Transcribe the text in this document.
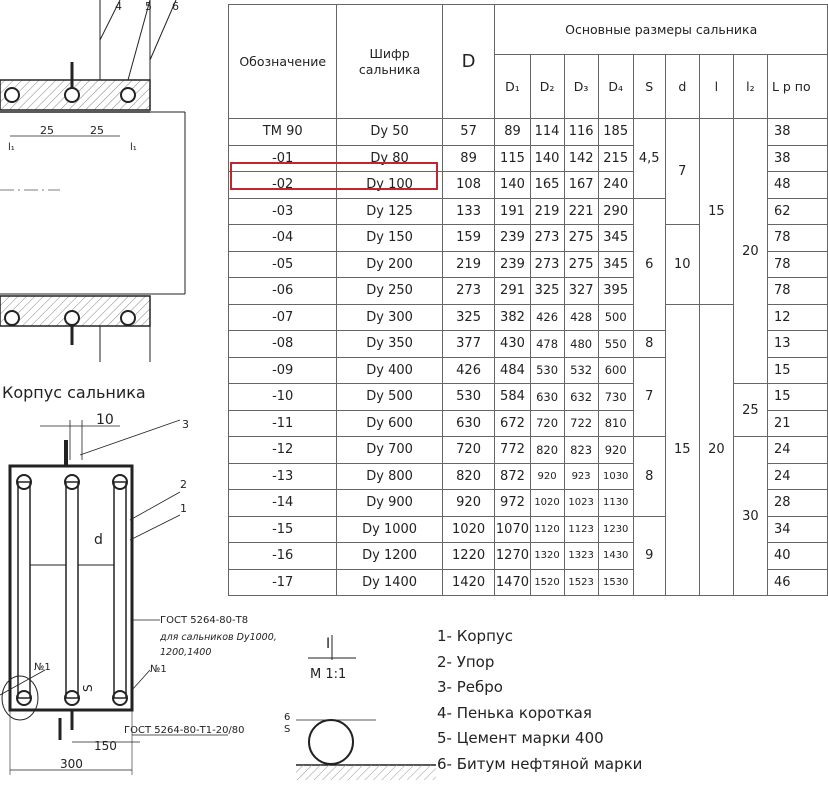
25	25
l₁	l₁
4 5 6
Корпус сальника
10	3
2
1
d
№1	№1
ГОСТ 5264-80-Т8
для сальников Dy1000,
1200,1400
ГОСТ 5264-80-Т1-20/80
S
150
300
I
М 1:1
S
6
Обозначение	Шифр сальника	D	Основные размеры сальника								
			D₁	D₂	D₃	D₄	S	d	l	l₂	L р по
ТМ 90	Dy 50	57	89	114	116	185	4,5	7	15	20	38
-01	Dy 80	89	115	140	142	215					38
-02	Dy 100	108	140	165	167	240					48
-03	Dy 125	133	191	219	221	290	6				62
-04	Dy 150	159	239	273	275	345		10			78
-05	Dy 200	219	239	273	275	345					78
-06	Dy 250	273	291	325	327	395					78
-07	Dy 300	325	382	426	428	500		15	20		12
-08	Dy 350	377	430	478	480	550	8				13
-09	Dy 400	426	484	530	532	600	7				15
-10	Dy 500	530	584	630	632	730				25	15
-11	Dy 600	630	672	720	722	810					21
-12	Dy 700	720	772	820	823	920	8			30	24
-13	Dy 800	820	872	920	923	1030					24
-14	Dy 900	920	972	1020	1023	1130					28
-15	Dy 1000	1020	1070	1120	1123	1230	9				34
-16	Dy 1200	1220	1270	1320	1323	1430					40
-17	Dy 1400	1420	1470	1520	1523	1530					46
1- Корпус
2- Упор
3- Ребро
4- Пенька короткая
5- Цемент марки 400
6- Битум нефтяной марки
